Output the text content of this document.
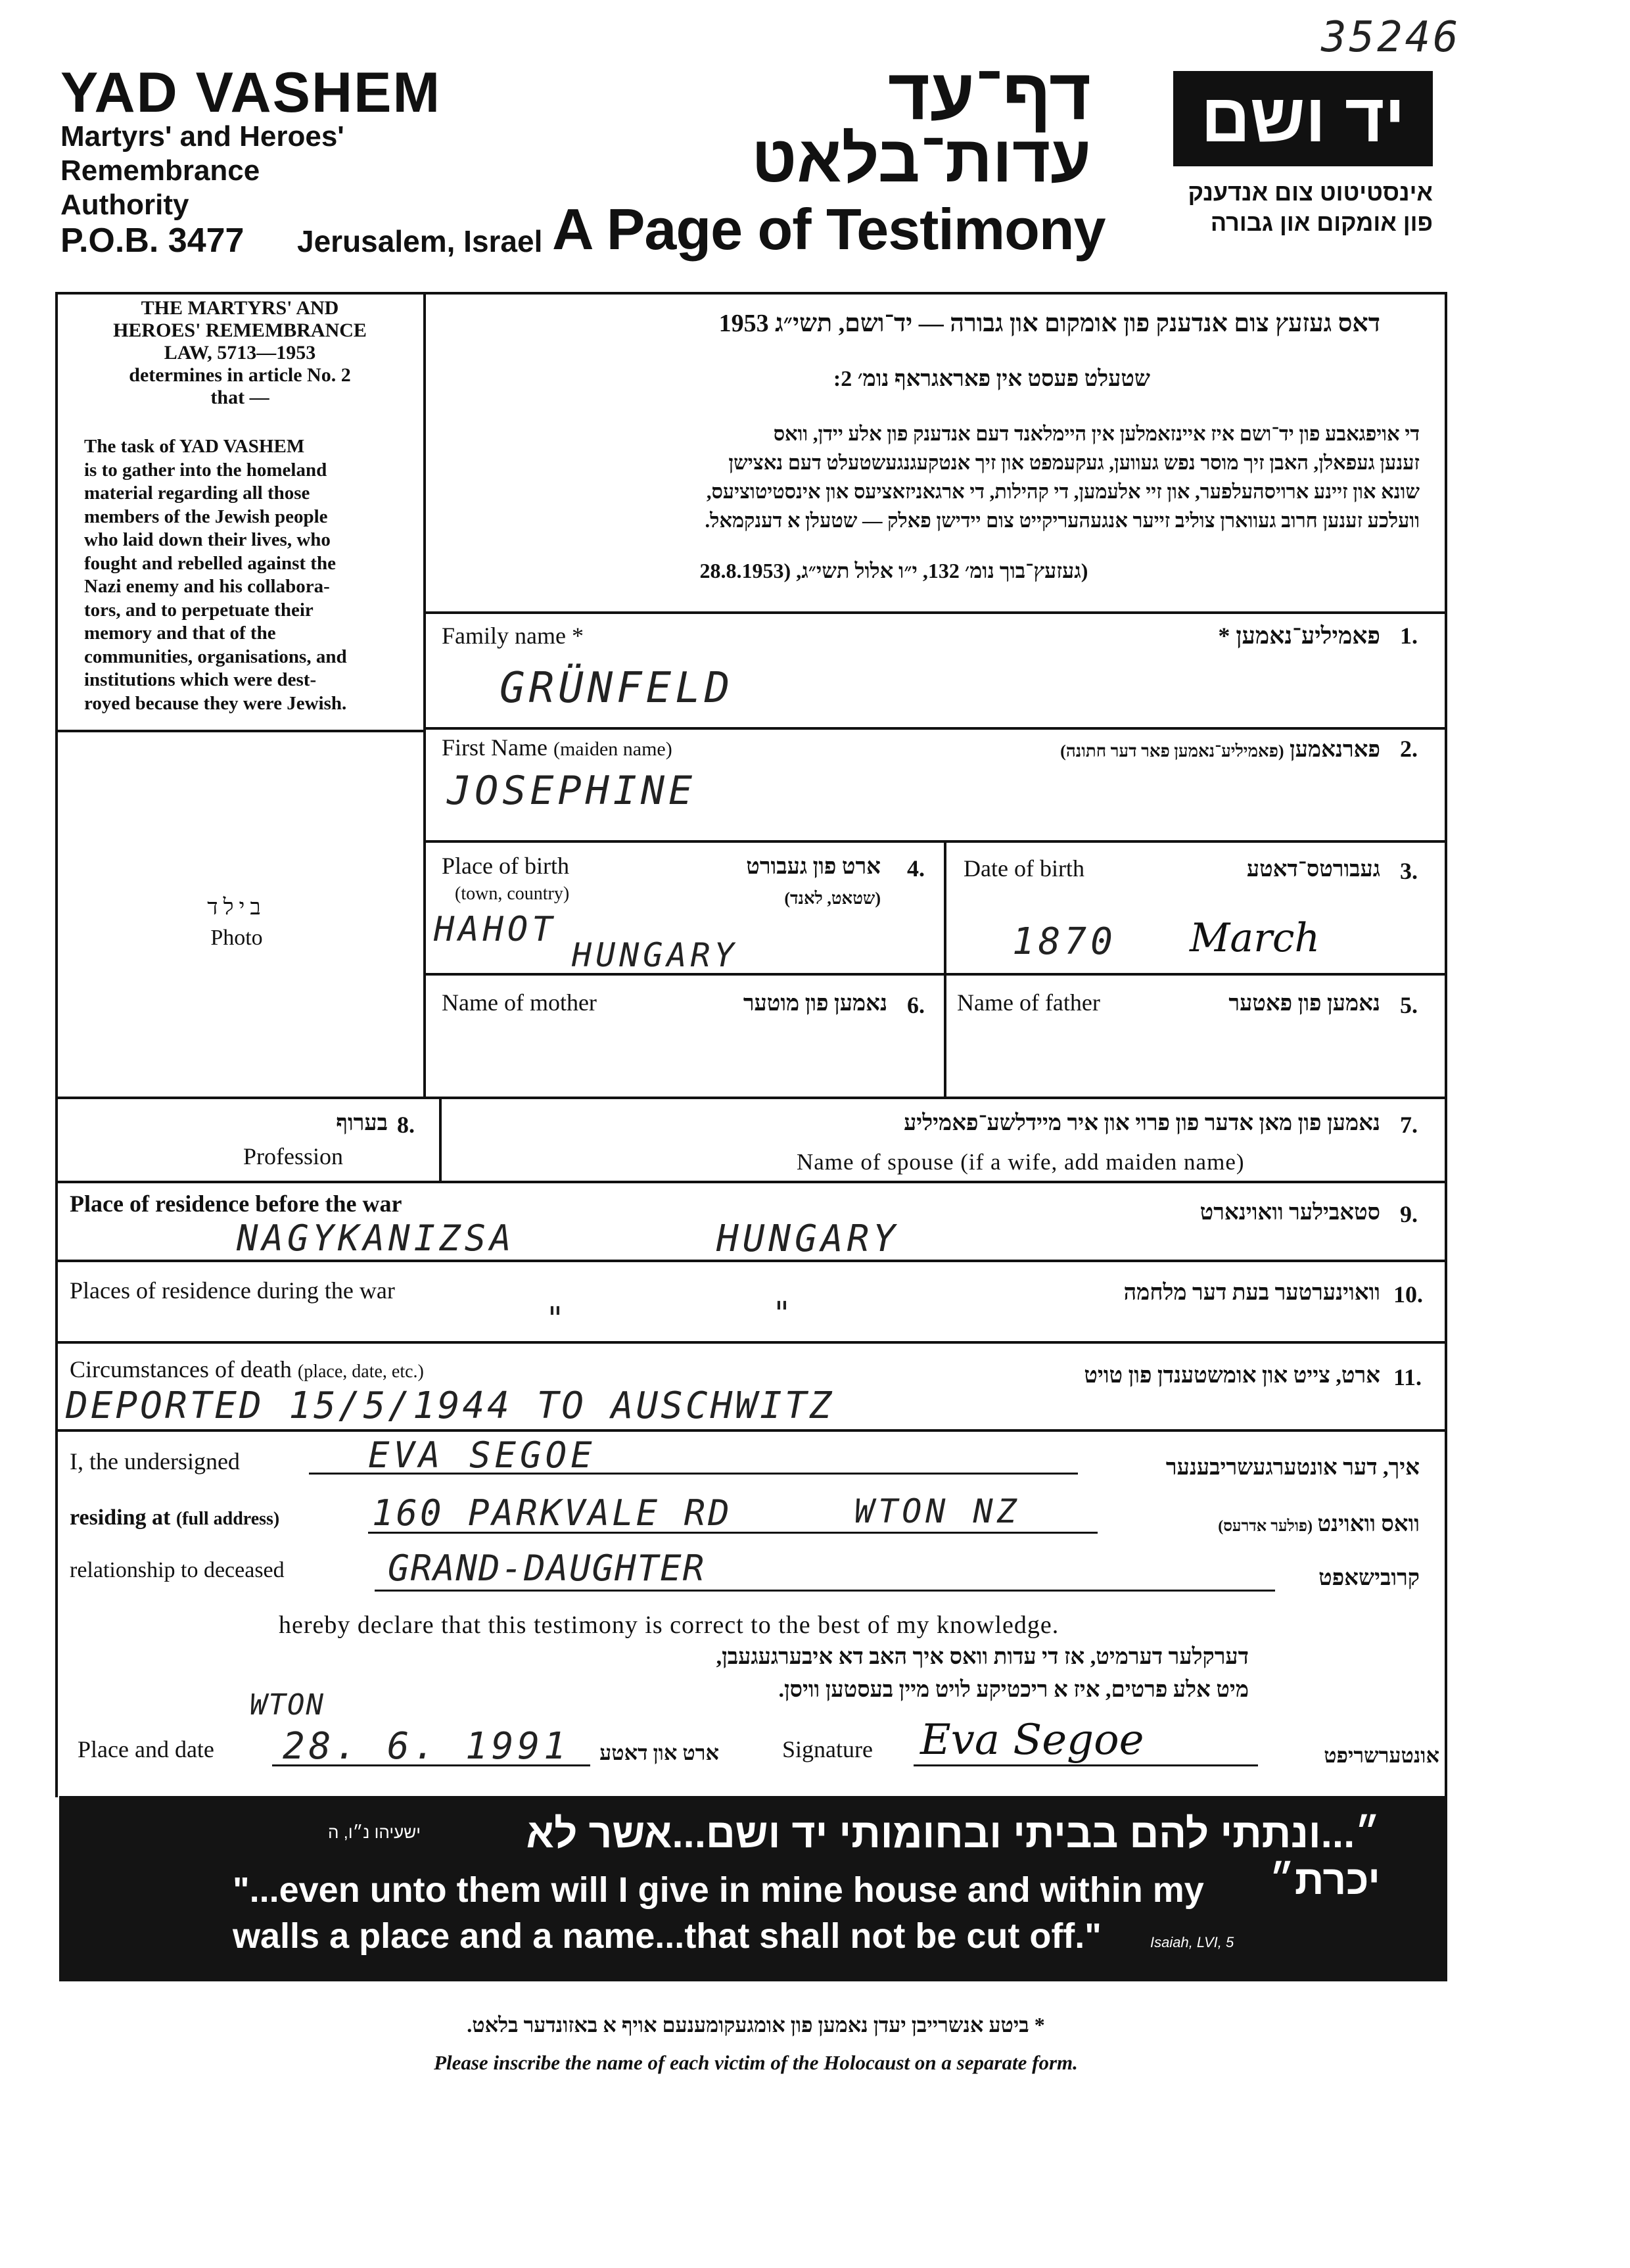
35246
YAD VASHEM
Martyrs' and Heroes'
Remembrance
Authority
P.O.B. 3477 Jerusalem, Israel
דף־עד
עדות־בלאט
A Page of Testimony
יד ושם
אינסטיטוט צום אנדענק
פון אומקום און גבורה
THE MARTYRS' AND
HEROES' REMEMBRANCE
LAW, 5713—1953
determines in article No. 2
that —
The task of YAD VASHEM
is to gather into the homeland
material regarding all those
members of the Jewish people
who laid down their lives, who
fought and rebelled against the
Nazi enemy and his collabora-
tors, and to perpetuate their
memory and that of the
communities, organisations, and
institutions which were dest-
royed because they were Jewish.
בילד
Photo
דאס געזעץ צום אנדענק פון אומקום און גבורה — יד־ושם, תשי״ג 1953
שטעלט פעסט אין פאראגראף נומ׳ 2:
די אויפגאבע פון יד־ושם איז איינזאמלען אין היימלאנד דעם אנדענק פון אלע יידן, וואס
זענען געפאלן, האבן זיך מוסר נפש געווען, געקעמפט און זיך אנטקעגנגעשטעלט דעם נאצישן
שונא און זיינע ארויסהעלפער, און זיי אלעמען, די קהילות, די ארגאניזאציעס און אינסטיטוציעס,
וועלכע זענען חרוב געווארן צוליב זייער אנגעהעריקייט צום יידישן פאלק — שטעלן א דענקמאל.
(געזעץ־בוך נומ׳ 132, י״ו אלול תשי״ג, (28.8.1953
Family name *	פאמיליע־נאמען * 1.
GRÜNFELD
First Name (maiden name)	פארנאמען (פאמיליע־נאמען פאר דער חתונה)	2.
JOSEPHINE
Place of birth
(town, country)
ארט פון געבורט
(שטאט, לאנד)
4.
HAHOT
HUNGARY
Date of birth	געבורטס־דאטע 3.
1870 March
Name of mother	נאמען פון מוטער 6. Name of father	נאמען פון פאטער 5.
בערוף 8.
Profession
נאמען פון מאן אדער פון פרוי און איר מיידלשע־פאמיליע 7.
Name of spouse (if a wife, add maiden name)
Place of residence before the war	סטאבילער וואוינארט 9.
NAGYKANIZSA	HUNGARY
Places of residence during the war	וואוינערטער בעת דער מלחמה 10.
"	"
Circumstances of death (place, date, etc.)	ארט, צייט און אומשטענדן פון טויט 11.
DEPORTED 15/5/1944 TO AUSCHWITZ
I, the undersigned	EVA SEGOE	איך, דער אונטערגעשריבענער
residing at (full address)	160 PARKVALE RD	WTON NZ	וואס וואוינט (פולער אדרעס)
relationship to deceased	GRAND-DAUGHTER	קרובישאפט
hereby declare that this testimony is correct to the best of my knowledge.
דערקלער דערמיט, אז די עדות וואס איך האב דא איבערגעגעבן,
מיט אלע פרטים, איז א ריכטיקע לויט מיין בעסטען וויסן.
WTON
Place and date 28. 6. 1991 ארט און דאטע	Signature Eva Segoe	אונטערשריפט
״...ונתתי להם בביתי ובחומותי יד ושם...אשר לא יכרת״
ישעיהו נ״ו, ה
"...even unto them will I give in mine house and within my
walls a place and a name...that shall not be cut off."	Isaiah, LVI, 5
* ביטע אנשרייבן יעדן נאמען פון אומגעקומענעם אויף א באזונדער בלאט.
Please inscribe the name of each victim of the Holocaust on a separate form.
